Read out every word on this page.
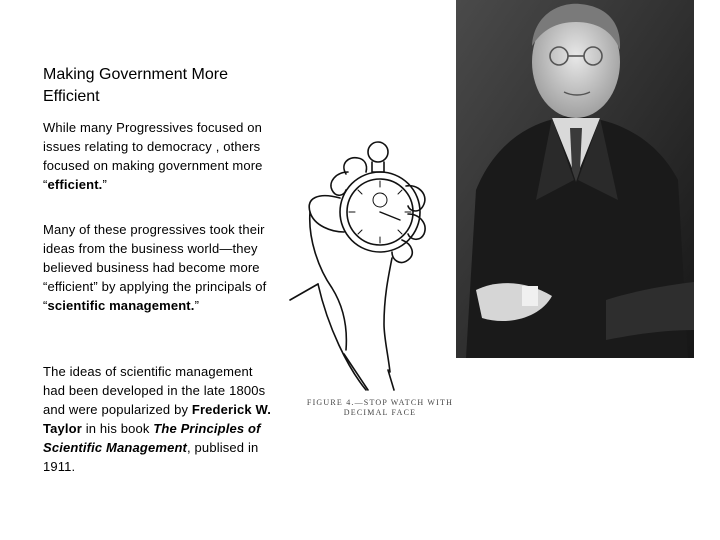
Making Government More Efficient
While many Progressives focused on issues relating to democracy , others focused on making government more “efficient.”
Many of these progressives took their ideas from the business world—they believed business had become more “efficient” by applying the principals of “scientific management.”
The ideas of scientific management had been developed in the late 1800s and were popularized by Frederick W. Taylor in his book The Principles of Scientific Management, publised in 1911.
FIGURE 4.—STOP WATCH WITH DECIMAL FACE
